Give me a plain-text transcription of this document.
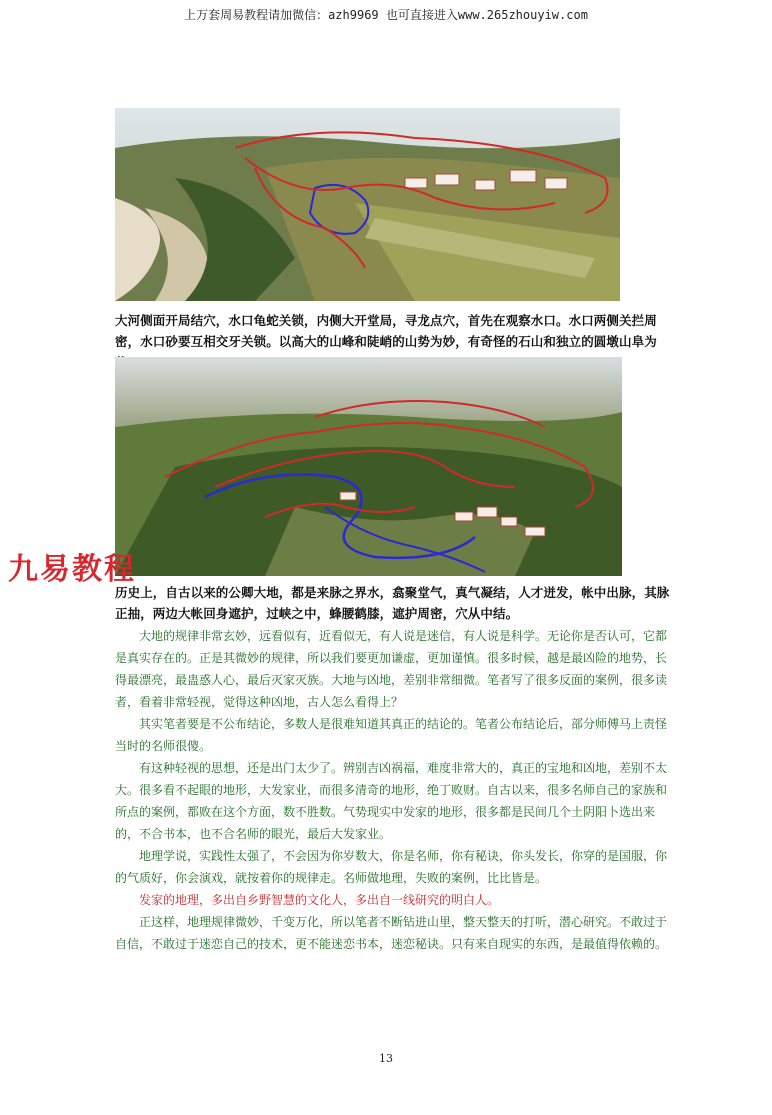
上万套周易教程请加微信：azh9969 也可直接进入www.265zhouyiw.com
大河侧面开局结穴，水口龟蛇关锁，内侧大开堂局，寻龙点穴，首先在观察水口。水口两侧关拦周密，水口砂要互相交牙关锁。以高大的山峰和陡峭的山势为妙，有奇怪的石山和独立的圆墩山阜为
九易教程
历史上，自古以来的公卿大地，都是来脉之界水，翕聚堂气，真气凝结，人才迸发，帐中出脉，其脉正抽，两边大帐回身遮护，过峡之中，蜂腰鹤膝，遮护周密，穴从中结。

大地的规律非常玄妙，远看似有，近看似无，有人说是迷信，有人说是科学。无论你是否认可，它都是真实存在的。正是其微妙的规律，所以我们要更加谦虚，更加谨慎。很多时候，越是最凶险的地势，长得最漂亮，最蛊惑人心，最后灭家灭族。大地与凶地，差别非常细微。笔者写了很多反面的案例，很多读者，看着非常轻视，觉得这种凶地，古人怎么看得上？

其实笔者要是不公布结论，多数人是很难知道其真正的结论的。笔者公布结论后，部分师傅马上责怪当时的名师很傻。

有这种轻视的思想，还是出门太少了。辨别吉凶祸福，难度非常大的，真正的宝地和凶地，差别不太大。很多看不起眼的地形，大发家业，而很多清奇的地形，绝丁败财。自古以来，很多名师自己的家族和所点的案例，都败在这个方面，数不胜数。气势现实中发家的地形，很多都是民间几个土阴阳卜选出来的，不合书本，也不合名师的眼光，最后大发家业。

地理学说，实践性太强了，不会因为你岁数大，你是名师，你有秘诀，你头发长，你穿的是国服，你的气质好，你会演戏，就按着你的规律走。名师做地理，失败的案例，比比皆是。

发家的地理，多出自乡野智慧的文化人，多出自一线研究的明白人。

正这样，地理规律微妙，千变万化，所以笔者不断钻进山里，整天整天的打听，潜心研究。不敢过于自信，不敢过于迷恋自己的技术，更不能迷恋书本，迷恋秘诀。只有来自现实的东西，是最值得依赖的。

13
